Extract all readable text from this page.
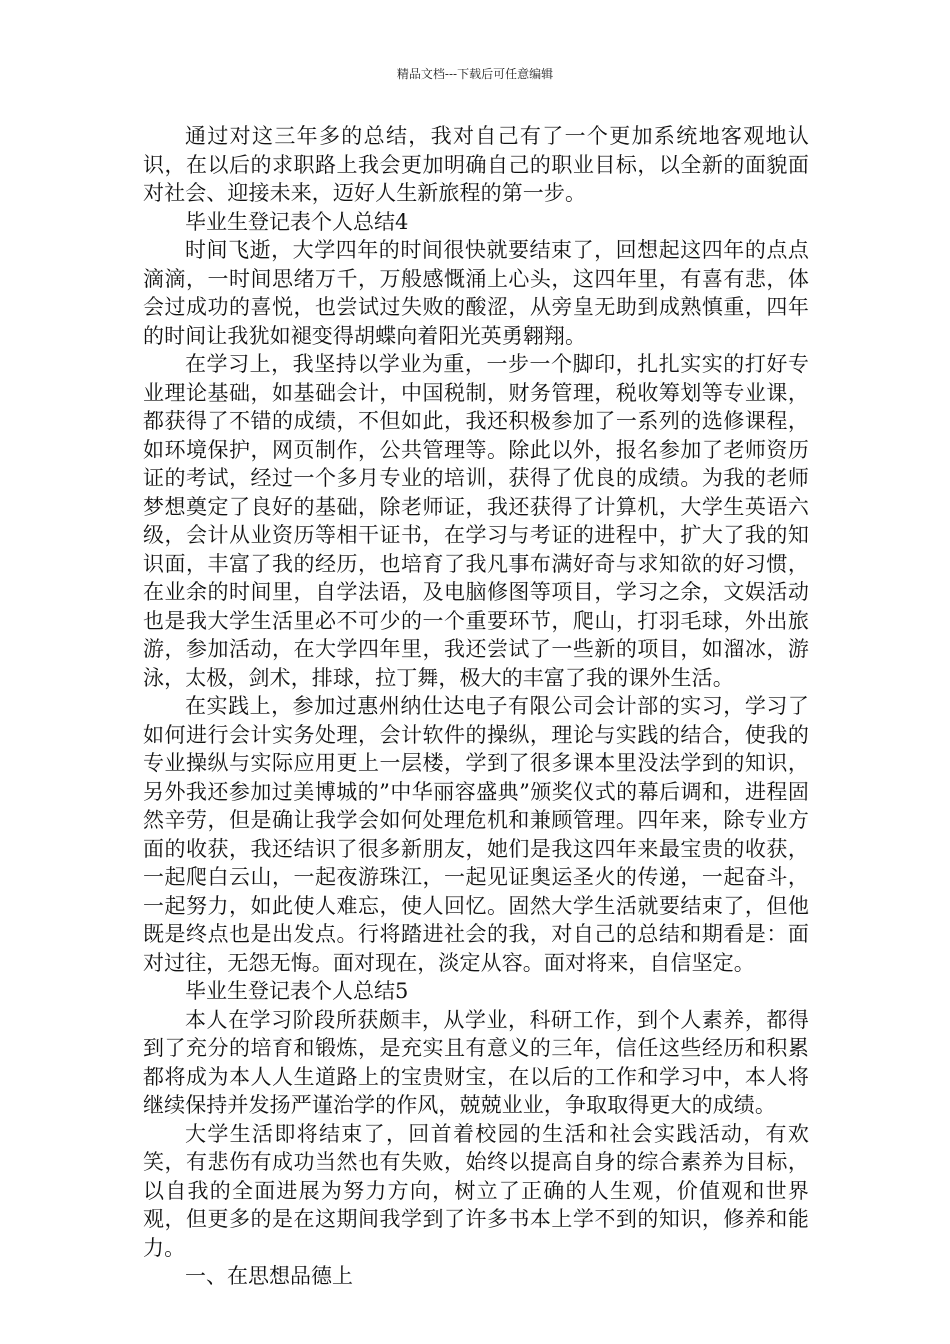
精品文档---下载后可任意编辑

通过对这三年多的总结，我对自己有了一个更加系统地客观地认识，在以后的求职路上我会更加明确自己的职业目标，以全新的面貌面对社会、迎接未来，迈好人生新旅程的第一步。

毕业生登记表个人总结4

时间飞逝，大学四年的时间很快就要结束了，回想起这四年的点点滴滴，一时间思绪万千，万般感慨涌上心头，这四年里，有喜有悲，体会过成功的喜悦，也尝试过失败的酸涩，从旁皇无助到成熟慎重，四年的时间让我犹如褪变得胡蝶向着阳光英勇翱翔。

在学习上，我坚持以学业为重，一步一个脚印，扎扎实实的打好专业理论基础，如基础会计，中国税制，财务管理，税收筹划等专业课，都获得了不错的成绩，不但如此，我还积极参加了一系列的选修课程，如环境保护，网页制作，公共管理等。除此以外，报名参加了老师资历证的考试，经过一个多月专业的培训，获得了优良的成绩。为我的老师梦想奠定了良好的基础，除老师证，我还获得了计算机，大学生英语六级，会计从业资历等相干证书，在学习与考证的进程中，扩大了我的知识面，丰富了我的经历，也培育了我凡事布满好奇与求知欲的好习惯，在业余的时间里，自学法语，及电脑修图等项目，学习之余，文娱活动也是我大学生活里必不可少的一个重要环节，爬山，打羽毛球，外出旅游，参加活动，在大学四年里，我还尝试了一些新的项目，如溜冰，游泳，太极，剑术，排球，拉丁舞，极大的丰富了我的课外生活。

在实践上，参加过惠州纳仕达电子有限公司会计部的实习，学习了如何进行会计实务处理，会计软件的操纵，理论与实践的结合，使我的专业操纵与实际应用更上一层楼，学到了很多课本里没法学到的知识，另外我还参加过美博城的”中华丽容盛典”颁奖仪式的幕后调和，进程固然辛劳，但是确让我学会如何处理危机和兼顾管理。四年来，除专业方面的收获，我还结识了很多新朋友，她们是我这四年来最宝贵的收获，一起爬白云山，一起夜游珠江，一起见证奥运圣火的传递，一起奋斗，一起努力，如此使人难忘，使人回忆。固然大学生活就要结束了，但他既是终点也是出发点。行将踏进社会的我，对自己的总结和期看是：面对过往，无怨无悔。面对现在，淡定从容。面对将来，自信坚定。

毕业生登记表个人总结5

本人在学习阶段所获颇丰，从学业，科研工作，到个人素养，都得到了充分的培育和锻炼，是充实且有意义的三年，信任这些经历和积累都将成为本人人生道路上的宝贵财宝，在以后的工作和学习中，本人将继续保持并发扬严谨治学的作风，兢兢业业，争取取得更大的成绩。

大学生活即将结束了，回首着校园的生活和社会实践活动，有欢笑，有悲伤有成功当然也有失败，始终以提高自身的综合素养为目标，以自我的全面进展为努力方向，树立了正确的人生观，价值观和世界观，但更多的是在这期间我学到了许多书本上学不到的知识，修养和能力。

一、在思想品德上
